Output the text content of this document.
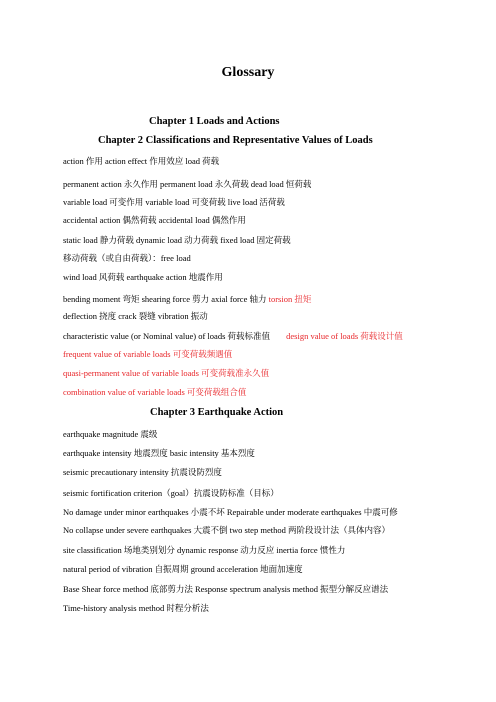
Glossary
Chapter 1 Loads and Actions
Chapter 2 Classifications and Representative Values of Loads
action 作用 action effect 作用效应 load 荷载
permanent action 永久作用 permanent load 永久荷载 dead load 恒荷载
variable load 可变作用 variable load 可变荷载 live load 活荷载
accidental action 偶然荷载 accidental load 偶然作用
static load 静力荷载 dynamic load 动力荷载 fixed load 固定荷载
移动荷载（或自由荷载）：free load
wind load 风荷载 earthquake action 地震作用
bending moment 弯矩 shearing force 剪力 axial force 轴力 torsion 扭矩
deflection 挠度 crack 裂缝 vibration 振动
characteristic value (or Nominal value) of loads 荷载标准值 design value of loads 荷载设计值
frequent value of variable loads 可变荷载频遇值
quasi-permanent value of variable loads 可变荷载准永久值
combination value of variable loads 可变荷载组合值
Chapter 3 Earthquake Action
earthquake magnitude 震级
earthquake intensity 地震烈度 basic intensity 基本烈度
seismic precautionary intensity 抗震设防烈度
seismic fortification criterion（goal）抗震设防标准（目标）
No damage under minor earthquakes 小震不坏 Repairable under moderate earthquakes 中震可修
No collapse under severe earthquakes 大震不倒 two step method 两阶段设计法（具体内容）
site classification 场地类别划分 dynamic response 动力反应 inertia force 惯性力
natural period of vibration 自振周期 ground acceleration 地面加速度
Base Shear force method 底部剪力法 Response spectrum analysis method 振型分解反应谱法
Time-history analysis method 时程分析法
